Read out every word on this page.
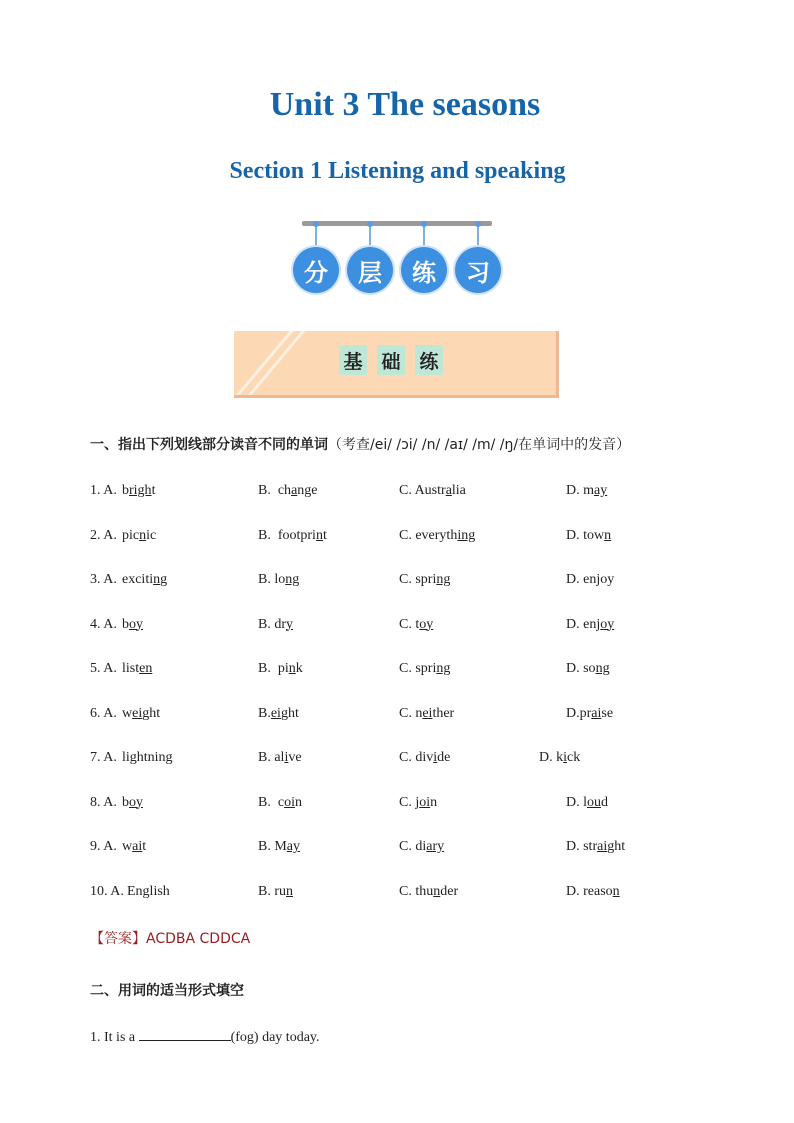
Unit 3 The seasons
Section 1 Listening and speaking
分	层	练	习
基 础 练
一、指出下列划线部分读音不同的单词（考查/ei/ /ɔi/ /n/ /aɪ/ /m/ /ŋ/在单词中的发音）
1. A. bright	B.  change	C. Australia	D. may
2. A. picnic	B.  footprint	C. everything	D. town
3. A. exciting	B. long	C. spring	D. enjoy
4. A. boy	B. dry	C. toy	D. enjoy
5. A. listen	B.  pink	C. spring	D. song
6. A. weight	B.eight	C. neither	D.praise
7. A. lightning	B. alive	C. divide	D. kick
8. A. boy	B.  coin	C. join	D. loud
9. A. wait	B. May	C. diary	D. straight
10. A. English	B. run	C. thunder	D. reason
【答案】ACDBA CDDCA
二、用词的适当形式填空
1. It is a	(fog) day today.
